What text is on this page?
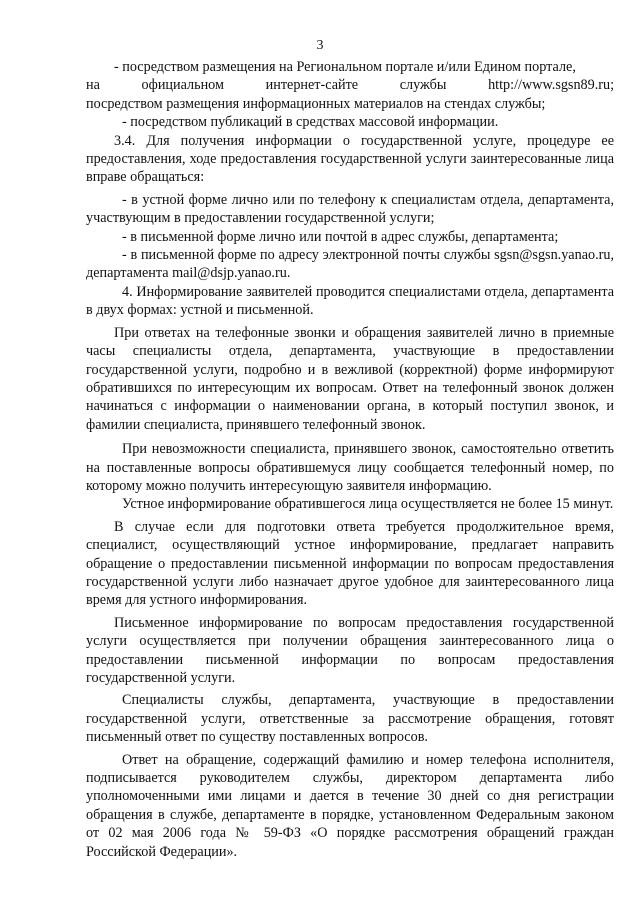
3
- посредством размещения на Региональном портале и/или Едином портале,
на	официальном	интернет-сайте	службы	http://www.sgsn89.ru;
посредством размещения информационных материалов на стендах службы;
- посредством публикаций в средствах массовой информации.
3.4. Для получения информации о государственной услуге, процедуре ее предоставления, ходе предоставления государственной услуги заинтересованные лица вправе обращаться:
- в устной форме лично или по телефону к специалистам отдела, департамента, участвующим в предоставлении государственной услуги;
- в письменной форме лично или почтой в адрес службы, департамента;
- в письменной форме по адресу электронной почты службы sgsn@sgsn.yanao.ru, департамента mail@dsjp.yanao.ru.
4. Информирование заявителей проводится специалистами отдела, департамента в двух формах: устной и письменной.
При ответах на телефонные звонки и обращения заявителей лично в приемные часы специалисты отдела, департамента, участвующие в предоставлении государственной услуги, подробно и в вежливой (корректной) форме информируют обратившихся по интересующим их вопросам. Ответ на телефонный звонок должен начинаться с информации о наименовании органа, в который поступил звонок, и фамилии специалиста, принявшего телефонный звонок.
При невозможности специалиста, принявшего звонок, самостоятельно ответить на поставленные вопросы обратившемуся лицу сообщается телефонный номер, по которому можно получить интересующую заявителя информацию.
Устное информирование обратившегося лица осуществляется не более 15 минут.
В случае если для подготовки ответа требуется продолжительное время, специалист, осуществляющий устное информирование, предлагает направить обращение о предоставлении письменной информации по вопросам предоставления государственной услуги либо назначает другое удобное для заинтересованного лица время для устного информирования.
Письменное информирование по вопросам предоставления государственной услуги осуществляется при получении обращения заинтересованного лица о предоставлении письменной информации по вопросам предоставления государственной услуги.
Специалисты службы, департамента, участвующие в предоставлении государственной услуги, ответственные за рассмотрение обращения, готовят письменный ответ по существу поставленных вопросов.
Ответ на обращение, содержащий фамилию и номер телефона исполнителя, подписывается руководителем службы, директором департамента либо уполномоченными ими лицами и дается в течение 30 дней со дня регистрации обращения в службе, департаменте в порядке, установленном Федеральным законом от 02 мая 2006 года № 59-ФЗ «О порядке рассмотрения обращений граждан Российской Федерации».
